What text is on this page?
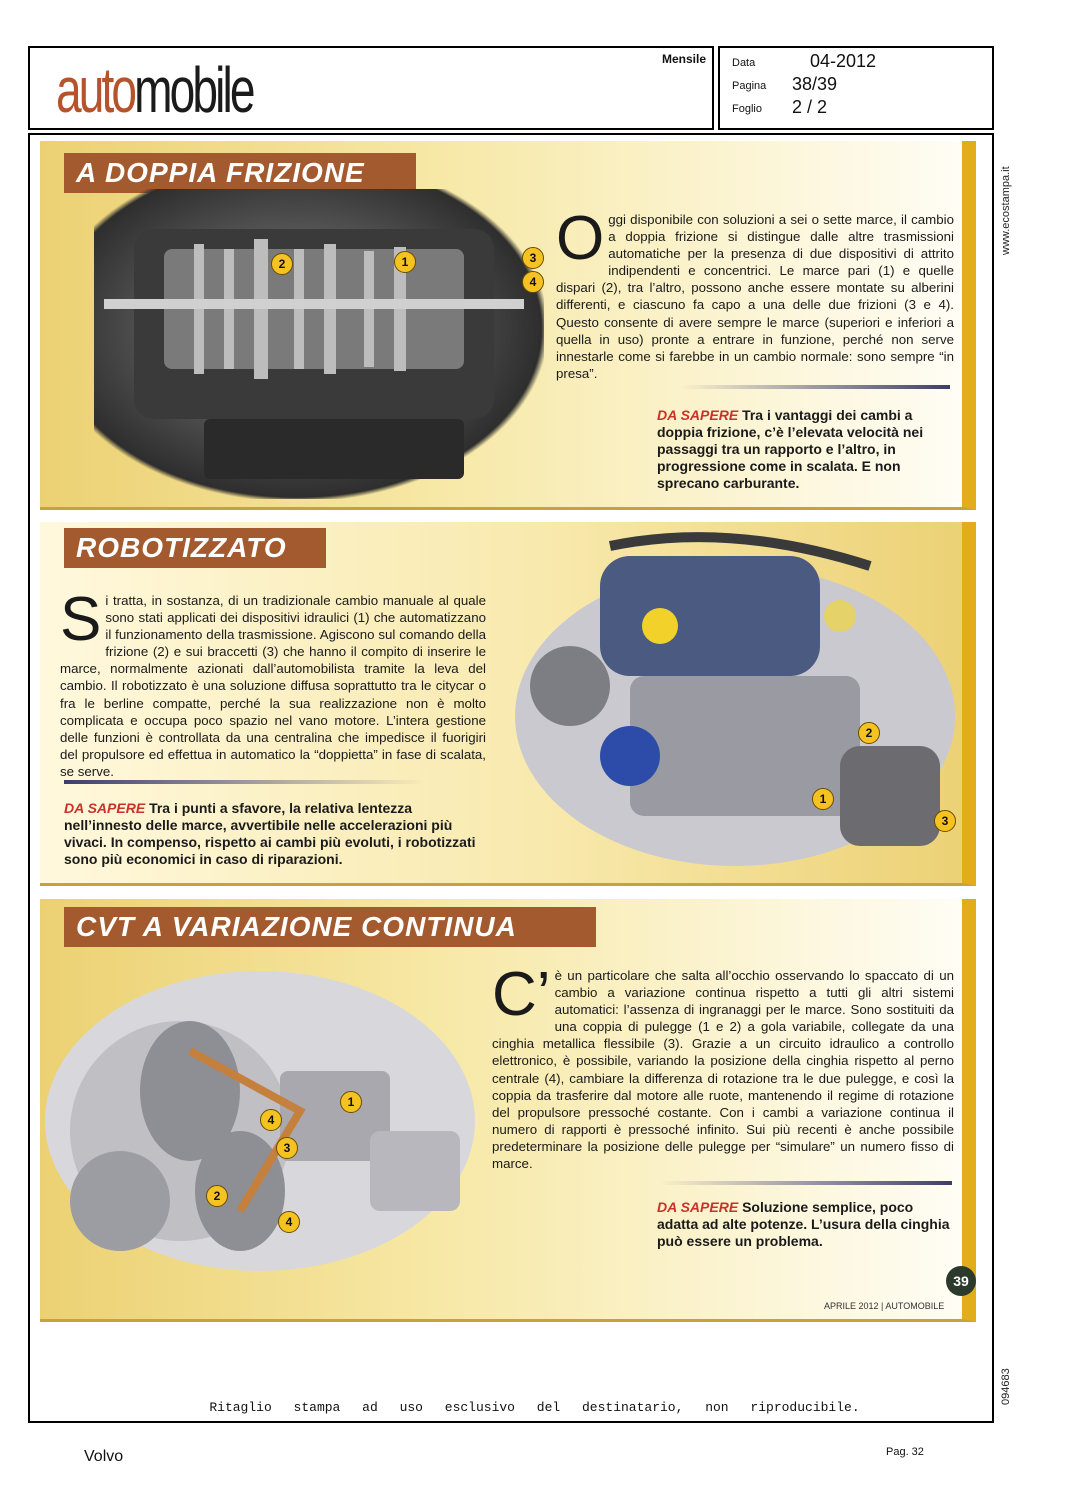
automobile	Mensile Data	04-2012
Pagina 38/39
Foglio 2 / 2
www.ecostampa.it
094683
A DOPPIA FRIZIONE
2	1	3
4
Oggi disponibile con soluzioni a sei o sette marce, il cambio a doppia frizione si distingue dalle altre trasmissioni automatiche per la presenza di due dispositivi di attrito indipendenti e concentrici. Le marce pari (1) e quelle dispari (2), tra l’altro, possono anche essere montate su alberini differenti, e ciascuno fa capo a una delle due frizioni (3 e 4). Questo consente di avere sempre le marce (superiori e inferiori a quella in uso) pronte a entrare in funzione, perché non serve innestarle come si farebbe in un cambio normale: sono sempre “in presa”.
DA SAPERE Tra i vantaggi dei cambi a doppia frizione, c’è l’elevata velocità nei passaggi tra un rapporto e l’altro, in progressione come in scalata. E non sprecano carburante.
ROBOTIZZATO
Si tratta, in sostanza, di un tradizionale cambio manuale al quale sono stati applicati dei dispositivi idraulici (1) che automatizzano il funzionamento della trasmissione. Agiscono sul comando della frizione (2) e sui braccetti (3) che hanno il compito di inserire le marce, normalmente azionati dall’automobilista tramite la leva del cambio. Il robotizzato è una soluzione diffusa soprattutto tra le citycar o fra le berline compatte, perché la sua realizzazione non è molto complicata e occupa poco spazio nel vano motore. L’intera gestione delle funzioni è controllata da una centralina che impedisce il fuorigiri del propulsore ed effettua in automatico la “doppietta” in fase di scalata, se serve.
DA SAPERE Tra i punti a sfavore, la relativa lentezza nell’innesto delle marce, avvertibile nelle accelerazioni più vivaci. In compenso, rispetto ai cambi più evoluti, i robotizzati sono più economici in caso di riparazioni.
2
1
3
CVT A VARIAZIONE CONTINUA
1
4
3
2
4
C’ è un particolare che salta all’occhio osservando lo spaccato di un cambio a variazione continua rispetto a tutti gli altri sistemi automatici: l’assenza di ingranaggi per le marce. Sono sostituiti da una coppia di pulegge (1 e 2) a gola variabile, collegate da una cinghia metallica flessibile (3). Grazie a un circuito idraulico a controllo elettronico, è possibile, variando la posizione della cinghia rispetto al perno centrale (4), cambiare la differenza di rotazione tra le due pulegge, e così la coppia da trasferire dal motore alle ruote, mantenendo il regime di rotazione del propulsore pressoché costante. Con i cambi a variazione continua il numero di rapporti è pressoché infinito. Sui più recenti è anche possibile predeterminare la posizione delle pulegge per “simulare” un numero fisso di marce.
DA SAPERE Soluzione semplice, poco adatta ad alte potenze. L’usura della cinghia può essere un problema.
39
APRILE 2012 | AUTOMOBILE
Ritaglio stampa ad uso esclusivo del destinatario, non riproducibile.
Volvo	Pag. 32
